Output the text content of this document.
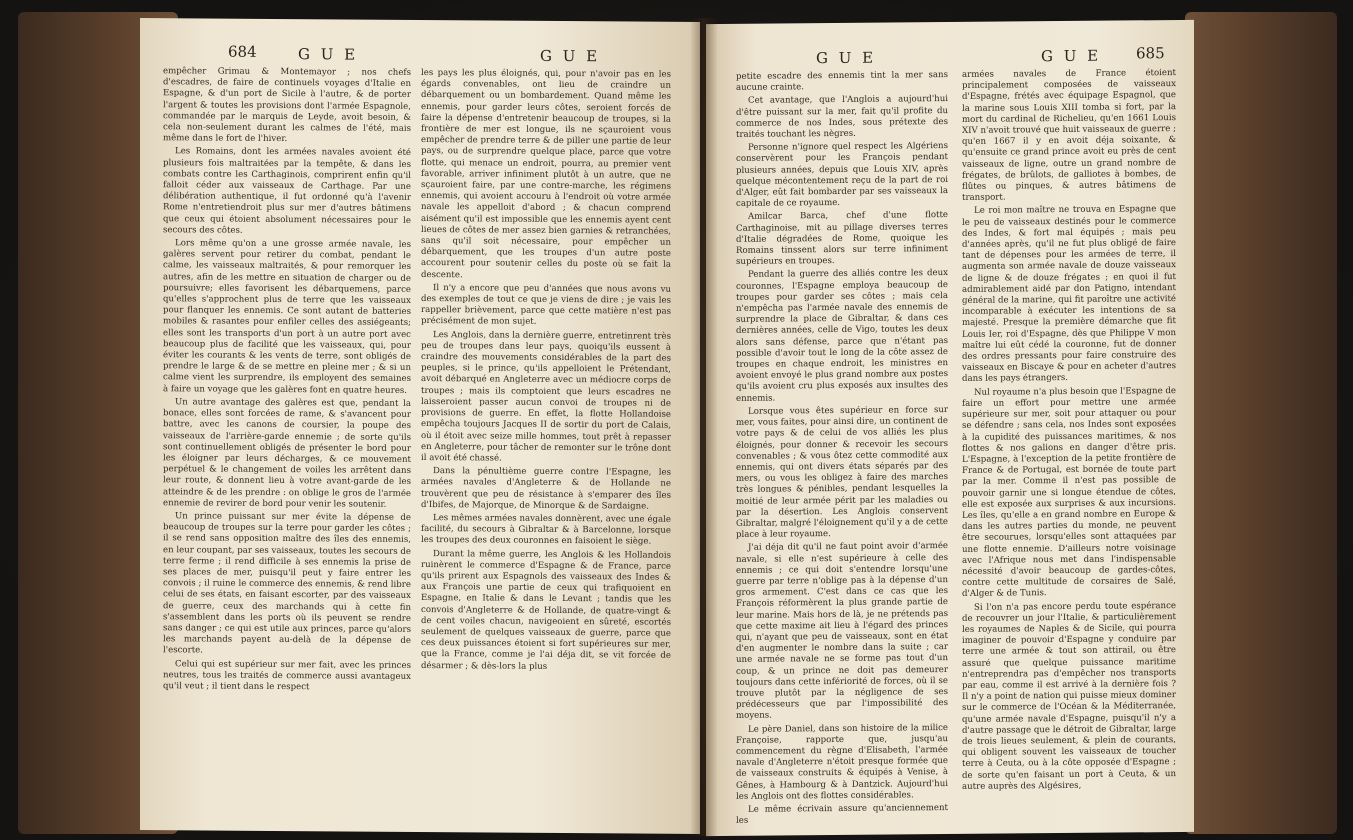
684	G U E	G U E

empêcher Grimau & Montemayor ; nos chefs d'escadres, de faire de continuels voyages d'Italie en Espagne, & d'un port de Sicile à l'autre, & de porter l'argent & toutes les provisions dont l'armée Espagnole, commandée par le marquis de Leyde, avoit besoin, & cela non-seulement durant les calmes de l'été, mais même dans le fort de l'hiver.

Les Romains, dont les armées navales avoient été plusieurs fois maltraitées par la tempête, & dans les combats contre les Carthaginois, comprirent enfin qu'il falloit céder aux vaisseaux de Carthage. Par une délibération authentique, il fut ordonné qu'à l'avenir Rome n'entretiendroit plus sur mer d'autres bâtimens que ceux qui étoient absolument nécessaires pour le secours des côtes.

Lors même qu'on a une grosse armée navale, les galères servent pour retirer du combat, pendant le calme, les vaisseaux maltraités, & pour remorquer les autres, afin de les mettre en situation de charger ou de poursuivre; elles favorisent les débarquemens, parce qu'elles s'approchent plus de terre que les vaisseaux pour flanquer les ennemis. Ce sont autant de batteries mobiles & rasantes pour enfiler celles des assiégeants; elles sont les transports d'un port à un autre port avec beaucoup plus de facilité que les vaisseaux, qui, pour éviter les courants & les vents de terre, sont obligés de prendre le large & de se mettre en pleine mer ; & si un calme vient les surprendre, ils employent des semaines à faire un voyage que les galères font en quatre heures.

Un autre avantage des galères est que, pendant la bonace, elles sont forcées de rame, & s'avancent pour battre, avec les canons de coursier, la poupe des vaisseaux de l'arrière-garde ennemie ; de sorte qu'ils sont continuellement obligés de présenter le bord pour les éloigner par leurs décharges, & ce mouvement perpétuel & le changement de voiles les arrêtent dans leur route, & donnent lieu à votre avant-garde de les atteindre & de les prendre : on oblige le gros de l'armée ennemie de revirer de bord pour venir les soutenir.

Un prince puissant sur mer évite la dépense de beaucoup de troupes sur la terre pour garder les côtes ; il se rend sans opposition maître des îles des ennemis, en leur coupant, par ses vaisseaux, toutes les secours de terre ferme ; il rend difficile à ses ennemis la prise de ses places de mer, puisqu'il peut y faire entrer les convois ; il ruine le commerce des ennemis, & rend libre celui de ses états, en faisant escorter, par des vaisseaux de guerre, ceux des marchands qui à cette fin s'assemblent dans les ports où ils peuvent se rendre sans danger ; ce qui est utile aux princes, parce qu'alors les marchands payent au-delà de la dépense de l'escorte.

Celui qui est supérieur sur mer fait, avec les princes neutres, tous les traités de commerce aussi avantageux qu'il veut ; il tient dans le respect

les pays les plus éloignés, qui, pour n'avoir pas en les égards convenables, ont lieu de craindre un débarquement ou un bombardement. Quand même les ennemis, pour garder leurs côtes, seroient forcés de faire la dépense d'entretenir beaucoup de troupes, si la frontière de mer est longue, ils ne sçauroient vous empêcher de prendre terre & de piller une partie de leur pays, ou de surprendre quelque place, parce que votre flotte, qui menace un endroit, pourra, au premier vent favorable, arriver infiniment plutôt à un autre, que ne sçauroient faire, par une contre-marche, les régimens ennemis, qui avoient accouru à l'endroit où votre armée navale les appelloit d'abord ; & chacun comprend aisément qu'il est impossible que les ennemis ayent cent lieues de côtes de mer assez bien garnies & retranchées, sans qu'il soit nécessaire, pour empêcher un débarquement, que les troupes d'un autre poste accourent pour soutenir celles du poste où se fait la descente.

Il n'y a encore que peu d'années que nous avons vu des exemples de tout ce que je viens de dire ; je vais les rappeller brièvement, parce que cette matière n'est pas précisément de mon sujet.

Les Anglois, dans la dernière guerre, entretinrent très peu de troupes dans leur pays, quoiqu'ils eussent à craindre des mouvements considérables de la part des peuples, si le prince, qu'ils appelloient le Prétendant, avoit débarqué en Angleterre avec un médiocre corps de troupes ; mais ils comptoient que leurs escadres ne laisseroient passer aucun convoi de troupes ni de provisions de guerre. En effet, la flotte Hollandoise empêcha toujours Jacques II de sortir du port de Calais, où il étoit avec seize mille hommes, tout prêt à repasser en Angleterre, pour tâcher de remonter sur le trône dont il avoit été chassé.

Dans la pénultième guerre contre l'Espagne, les armées navales d'Angleterre & de Hollande ne trouvèrent que peu de résistance à s'emparer des îles d'Ibifes, de Majorque, de Minorque & de Sardaigne.

Les mêmes armées navales donnèrent, avec une égale facilité, du secours à Gibraltar & à Barcelonne, lorsque les troupes des deux couronnes en faisoient le siège.

Durant la même guerre, les Anglois & les Hollandois ruinèrent le commerce d'Espagne & de France, parce qu'ils prirent aux Espagnols des vaisseaux des Indes & aux François une partie de ceux qui trafiquoient en Espagne, en Italie & dans le Levant ; tandis que les convois d'Angleterre & de Hollande, de quatre-vingt & de cent voiles chacun, navigeoient en sûreté, escortés seulement de quelques vaisseaux de guerre, parce que ces deux puissances étoient si fort supérieures sur mer, que la France, comme je l'ai déja dit, se vit forcée de désarmer ; & dès-lors la plus

G U E	G U E 685

petite escadre des ennemis tint la mer sans aucune crainte.

Cet avantage, que l'Anglois a aujourd'hui d'être puissant sur la mer, fait qu'il profite du commerce de nos Indes, sous prétexte des traités touchant les nègres.

Personne n'ignore quel respect les Algériens conservèrent pour les François pendant plusieurs années, depuis que Louis XIV, après quelque mécontentement reçu de la part de roi d'Alger, eût fait bombarder par ses vaisseaux la capitale de ce royaume.

Amilcar Barca, chef d'une flotte Carthaginoise, mit au pillage diverses terres d'Italie dégradées de Rome, quoique les Romains tinssent alors sur terre infiniment supérieurs en troupes.

Pendant la guerre des alliés contre les deux couronnes, l'Espagne employa beaucoup de troupes pour garder ses côtes ; mais cela n'empêcha pas l'armée navale des ennemis de surprendre la place de Gibraltar, & dans ces dernières années, celle de Vigo, toutes les deux alors sans défense, parce que n'étant pas possible d'avoir tout le long de la côte assez de troupes en chaque endroit, les ministres en avoient envoyé le plus grand nombre aux postes qu'ils avoient cru plus exposés aux insultes des ennemis.

Lorsque vous êtes supérieur en force sur mer, vous faites, pour ainsi dire, un continent de votre pays & de celui de vos alliés les plus éloignés, pour donner & recevoir les secours convenables ; & vous ôtez cette commodité aux ennemis, qui ont divers états séparés par des mers, ou vous les obligez à faire des marches très longues & pénibles, pendant lesquelles la moitié de leur armée périt par les maladies ou par la désertion. Les Anglois conservent Gibraltar, malgré l'éloignement qu'il y a de cette place à leur royaume.

J'ai déja dit qu'il ne faut point avoir d'armée navale, si elle n'est supérieure à celle des ennemis ; ce qui doit s'entendre lorsqu'une guerre par terre n'oblige pas à la dépense d'un gros armement. C'est dans ce cas que les François réformèrent la plus grande partie de leur marine. Mais hors de là, je ne prétends pas que cette maxime ait lieu à l'égard des princes qui, n'ayant que peu de vaisseaux, sont en état d'en augmenter le nombre dans la suite ; car une armée navale ne se forme pas tout d'un coup, & un prince ne doit pas demeurer toujours dans cette infériorité de forces, où il se trouve plutôt par la négligence de ses prédécesseurs que par l'impossibilité des moyens.

Le père Daniel, dans son histoire de la milice Françoise, rapporte que, jusqu'au commencement du règne d'Elisabeth, l'armée navale d'Angleterre n'étoit presque formée que de vaisseaux construits & équipés à Venise, à Gênes, à Hambourg & à Dantzick. Aujourd'hui les Anglois ont des flottes considérables.

Le même écrivain assure qu'anciennement les

armées navales de France étoient principalement composées de vaisseaux d'Espagne, frétés avec équipage Espagnol, que la marine sous Louis XIII tomba si fort, par la mort du cardinal de Richelieu, qu'en 1661 Louis XIV n'avoit trouvé que huit vaisseaux de guerre ; qu'en 1667 il y en avoit déja soixante, & qu'ensuite ce grand prince avoit eu près de cent vaisseaux de ligne, outre un grand nombre de frégates, de brûlots, de galliotes à bombes, de flûtes ou pinques, & autres bâtimens de transport.

Le roi mon maître ne trouva en Espagne que le peu de vaisseaux destinés pour le commerce des Indes, & fort mal équipés ; mais peu d'années après, qu'il ne fut plus obligé de faire tant de dépenses pour les armées de terre, il augmenta son armée navale de douze vaisseaux de ligne & de douze frégates ; en quoi il fut admirablement aidé par don Patigno, intendant général de la marine, qui fit paroître une activité incomparable à exécuter les intentions de sa majesté. Presque la première démarche que fit Louis Ier, roi d'Espagne, dès que Philippe V mon maître lui eût cédé la couronne, fut de donner des ordres pressants pour faire construire des vaisseaux en Biscaye & pour en acheter d'autres dans les pays étrangers.

Nul royaume n'a plus besoin que l'Espagne de faire un effort pour mettre une armée supérieure sur mer, soit pour attaquer ou pour se défendre ; sans cela, nos Indes sont exposées à la cupidité des puissances maritimes, & nos flottes & nos galions en danger d'être pris. L'Espagne, à l'exception de la petite frontière de France & de Portugal, est bornée de toute part par la mer. Comme il n'est pas possible de pouvoir garnir une si longue étendue de côtes, elle est exposée aux surprises & aux incursions. Les îles, qu'elle a en grand nombre en Europe & dans les autres parties du monde, ne peuvent être secourues, lorsqu'elles sont attaquées par une flotte ennemie. D'ailleurs notre voisinage avec l'Afrique nous met dans l'indispensable nécessité d'avoir beaucoup de gardes-côtes, contre cette multitude de corsaires de Salé, d'Alger & de Tunis.

Si l'on n'a pas encore perdu toute espérance de recouvrer un jour l'Italie, & particulièrement les royaumes de Naples & de Sicile, qui pourra imaginer de pouvoir d'Espagne y conduire par terre une armée & tout son attirail, ou être assuré que quelque puissance maritime n'entreprendra pas d'empêcher nos transports par eau, comme il est arrivé à la dernière fois ? Il n'y a point de nation qui puisse mieux dominer sur le commerce de l'Océan & la Méditerranée, qu'une armée navale d'Espagne, puisqu'il n'y a d'autre passage que le détroit de Gibraltar, large de trois lieues seulement, & plein de courants, qui obligent souvent les vaisseaux de toucher terre à Ceuta, ou à la côte opposée d'Espagne ; de sorte qu'en faisant un port à Ceuta, & un autre auprès des Algésires,
